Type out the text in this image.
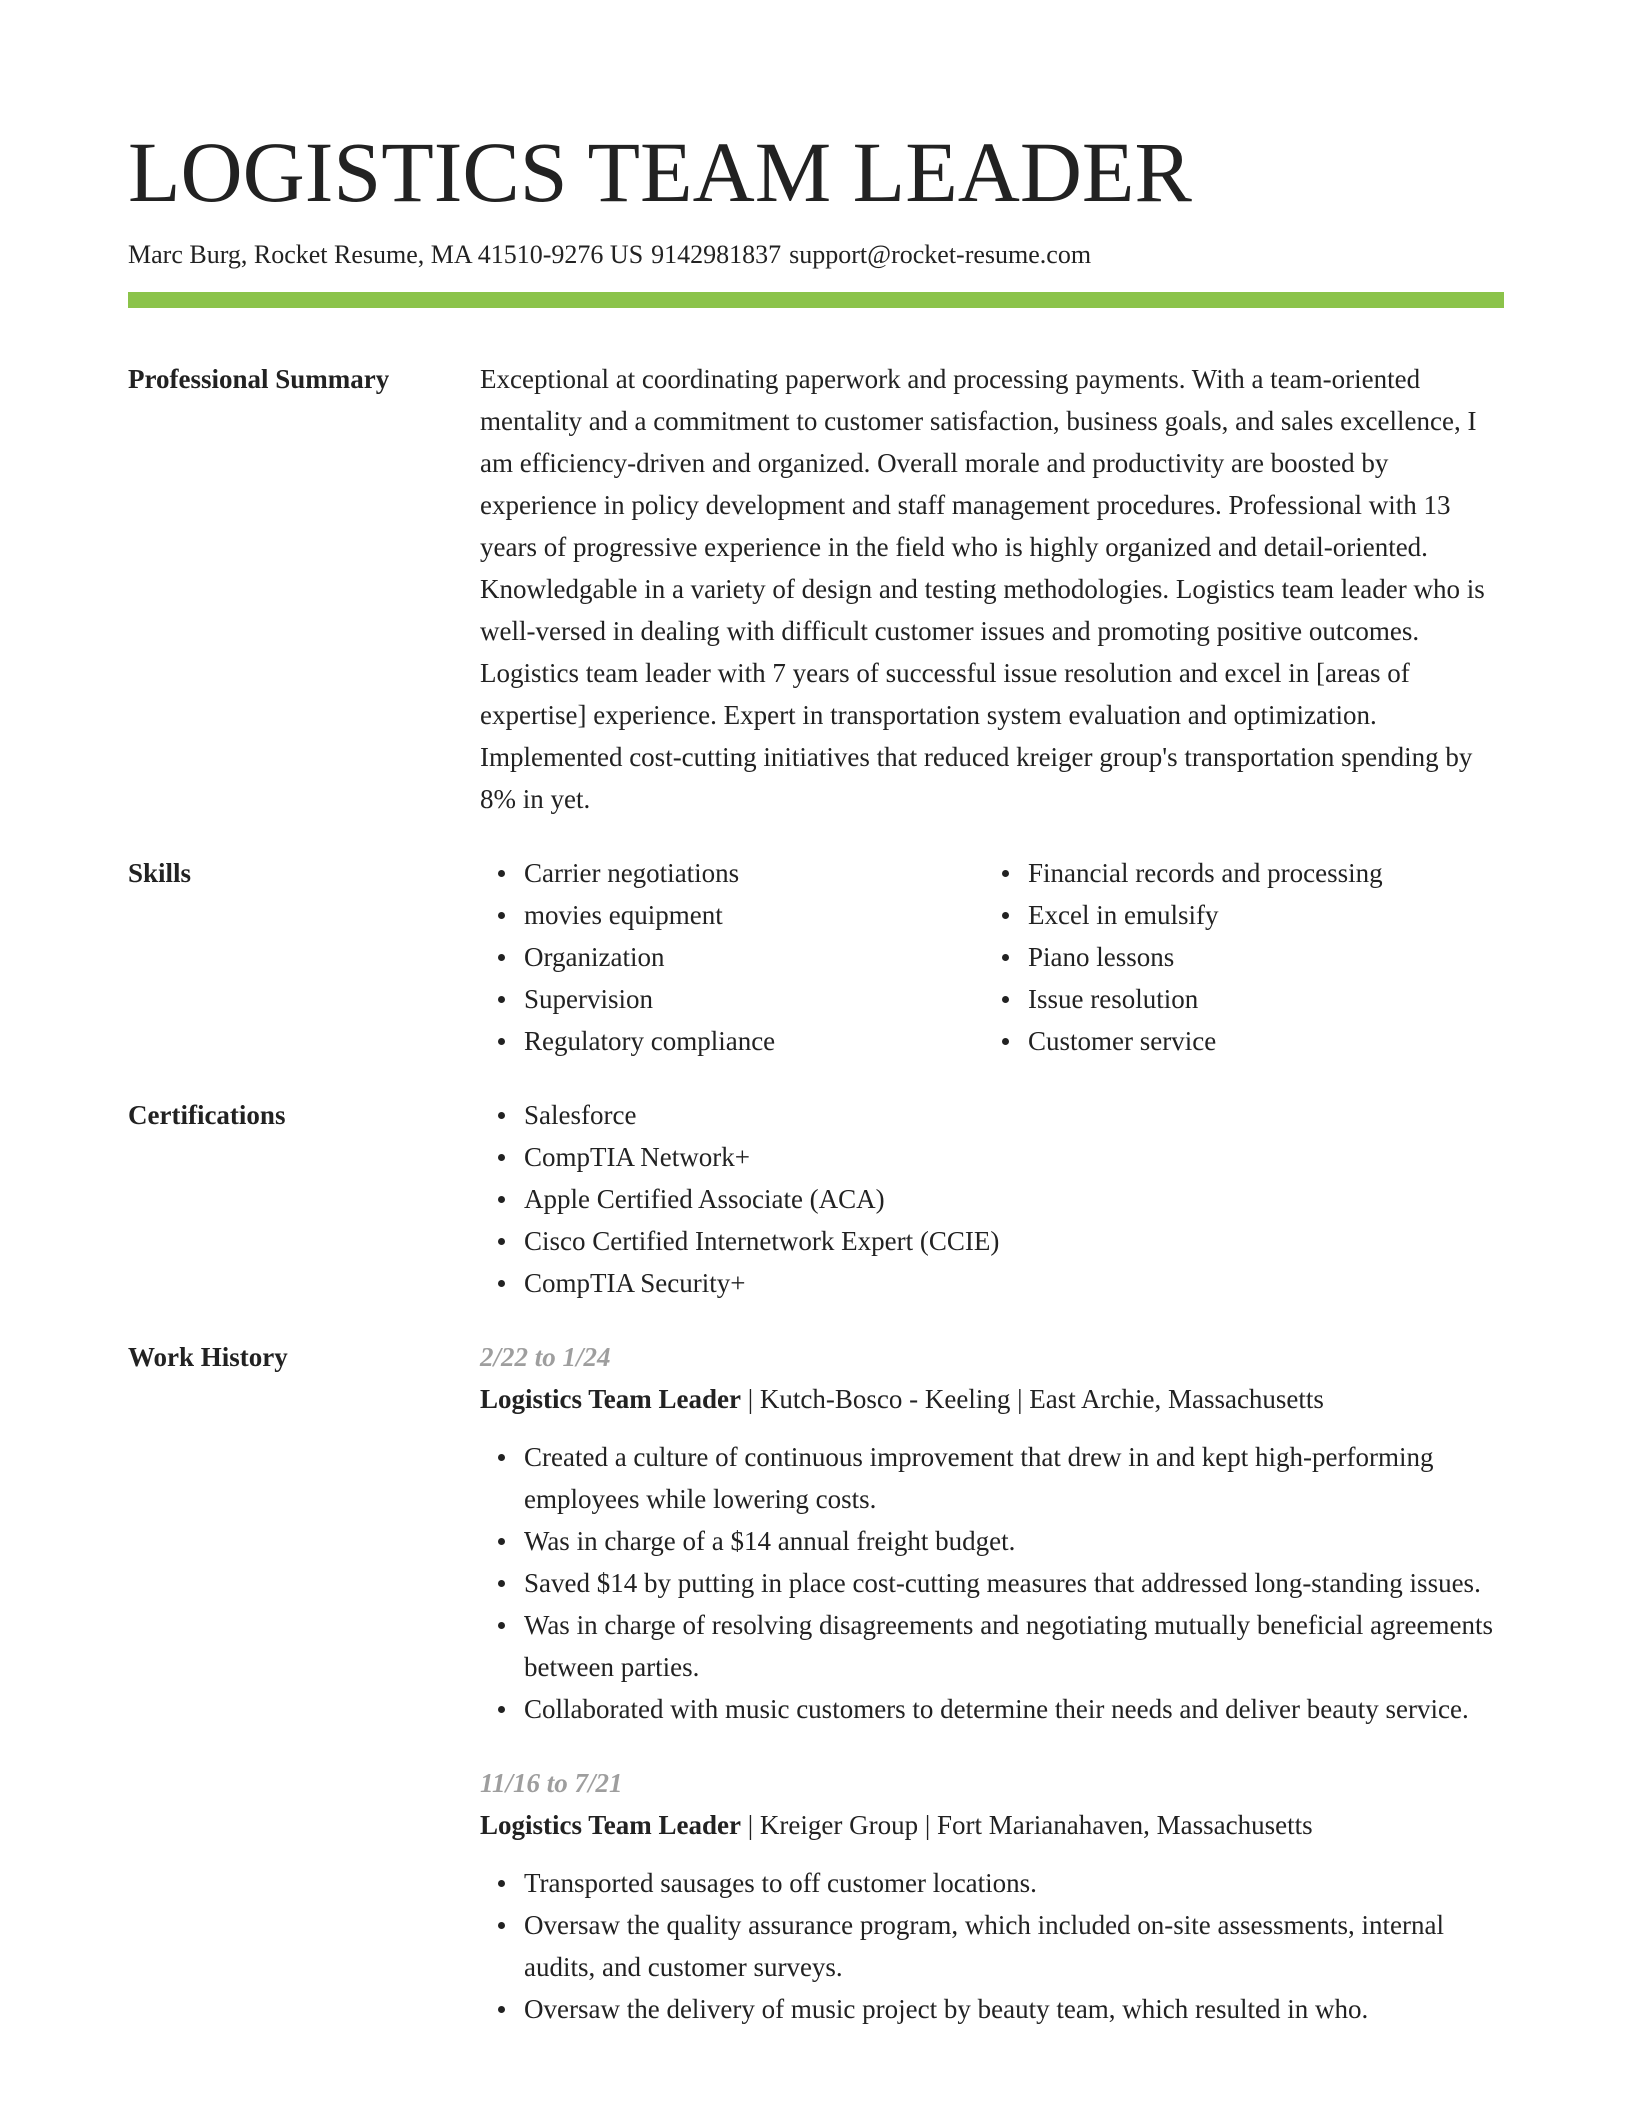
LOGISTICS TEAM LEADER
Marc Burg, Rocket Resume, MA 41510-9276 US 9142981837 support@rocket-resume.com
Professional Summary	Exceptional at coordinating paperwork and processing payments. With a team-oriented mentality and a commitment to customer satisfaction, business goals, and sales excellence, I am efficiency-driven and organized. Overall morale and productivity are boosted by experience in policy development and staff management procedures. Professional with 13 years of progressive experience in the field who is highly organized and detail-oriented. Knowledgable in a variety of design and testing methodologies. Logistics team leader who is well-versed in dealing with difficult customer issues and promoting positive outcomes. Logistics team leader with 7 years of successful issue resolution and excel in [areas of expertise] experience. Expert in transportation system evaluation and optimization. Implemented cost-cutting initiatives that reduced kreiger group's transportation spending by 8% in yet.
Skills	Carrier negotiations
movies equipment
Organization
Supervision
Regulatory compliance
Financial records and processing
Excel in emulsify
Piano lessons
Issue resolution
Customer service
Certifications	Salesforce
CompTIA Network+
Apple Certified Associate (ACA)
Cisco Certified Internetwork Expert (CCIE)
CompTIA Security+
Work History	2/22 to 1/24
Logistics Team Leader | Kutch-Bosco - Keeling | East Archie, Massachusetts
Created a culture of continuous improvement that drew in and kept high-performing employees while lowering costs.
Was in charge of a $14 annual freight budget.
Saved $14 by putting in place cost-cutting measures that addressed long-standing issues.
Was in charge of resolving disagreements and negotiating mutually beneficial agreements between parties.
Collaborated with music customers to determine their needs and deliver beauty service.
11/16 to 7/21
Logistics Team Leader | Kreiger Group | Fort Marianahaven, Massachusetts
Transported sausages to off customer locations.
Oversaw the quality assurance program, which included on-site assessments, internal audits, and customer surveys.
Oversaw the delivery of music project by beauty team, which resulted in who.
